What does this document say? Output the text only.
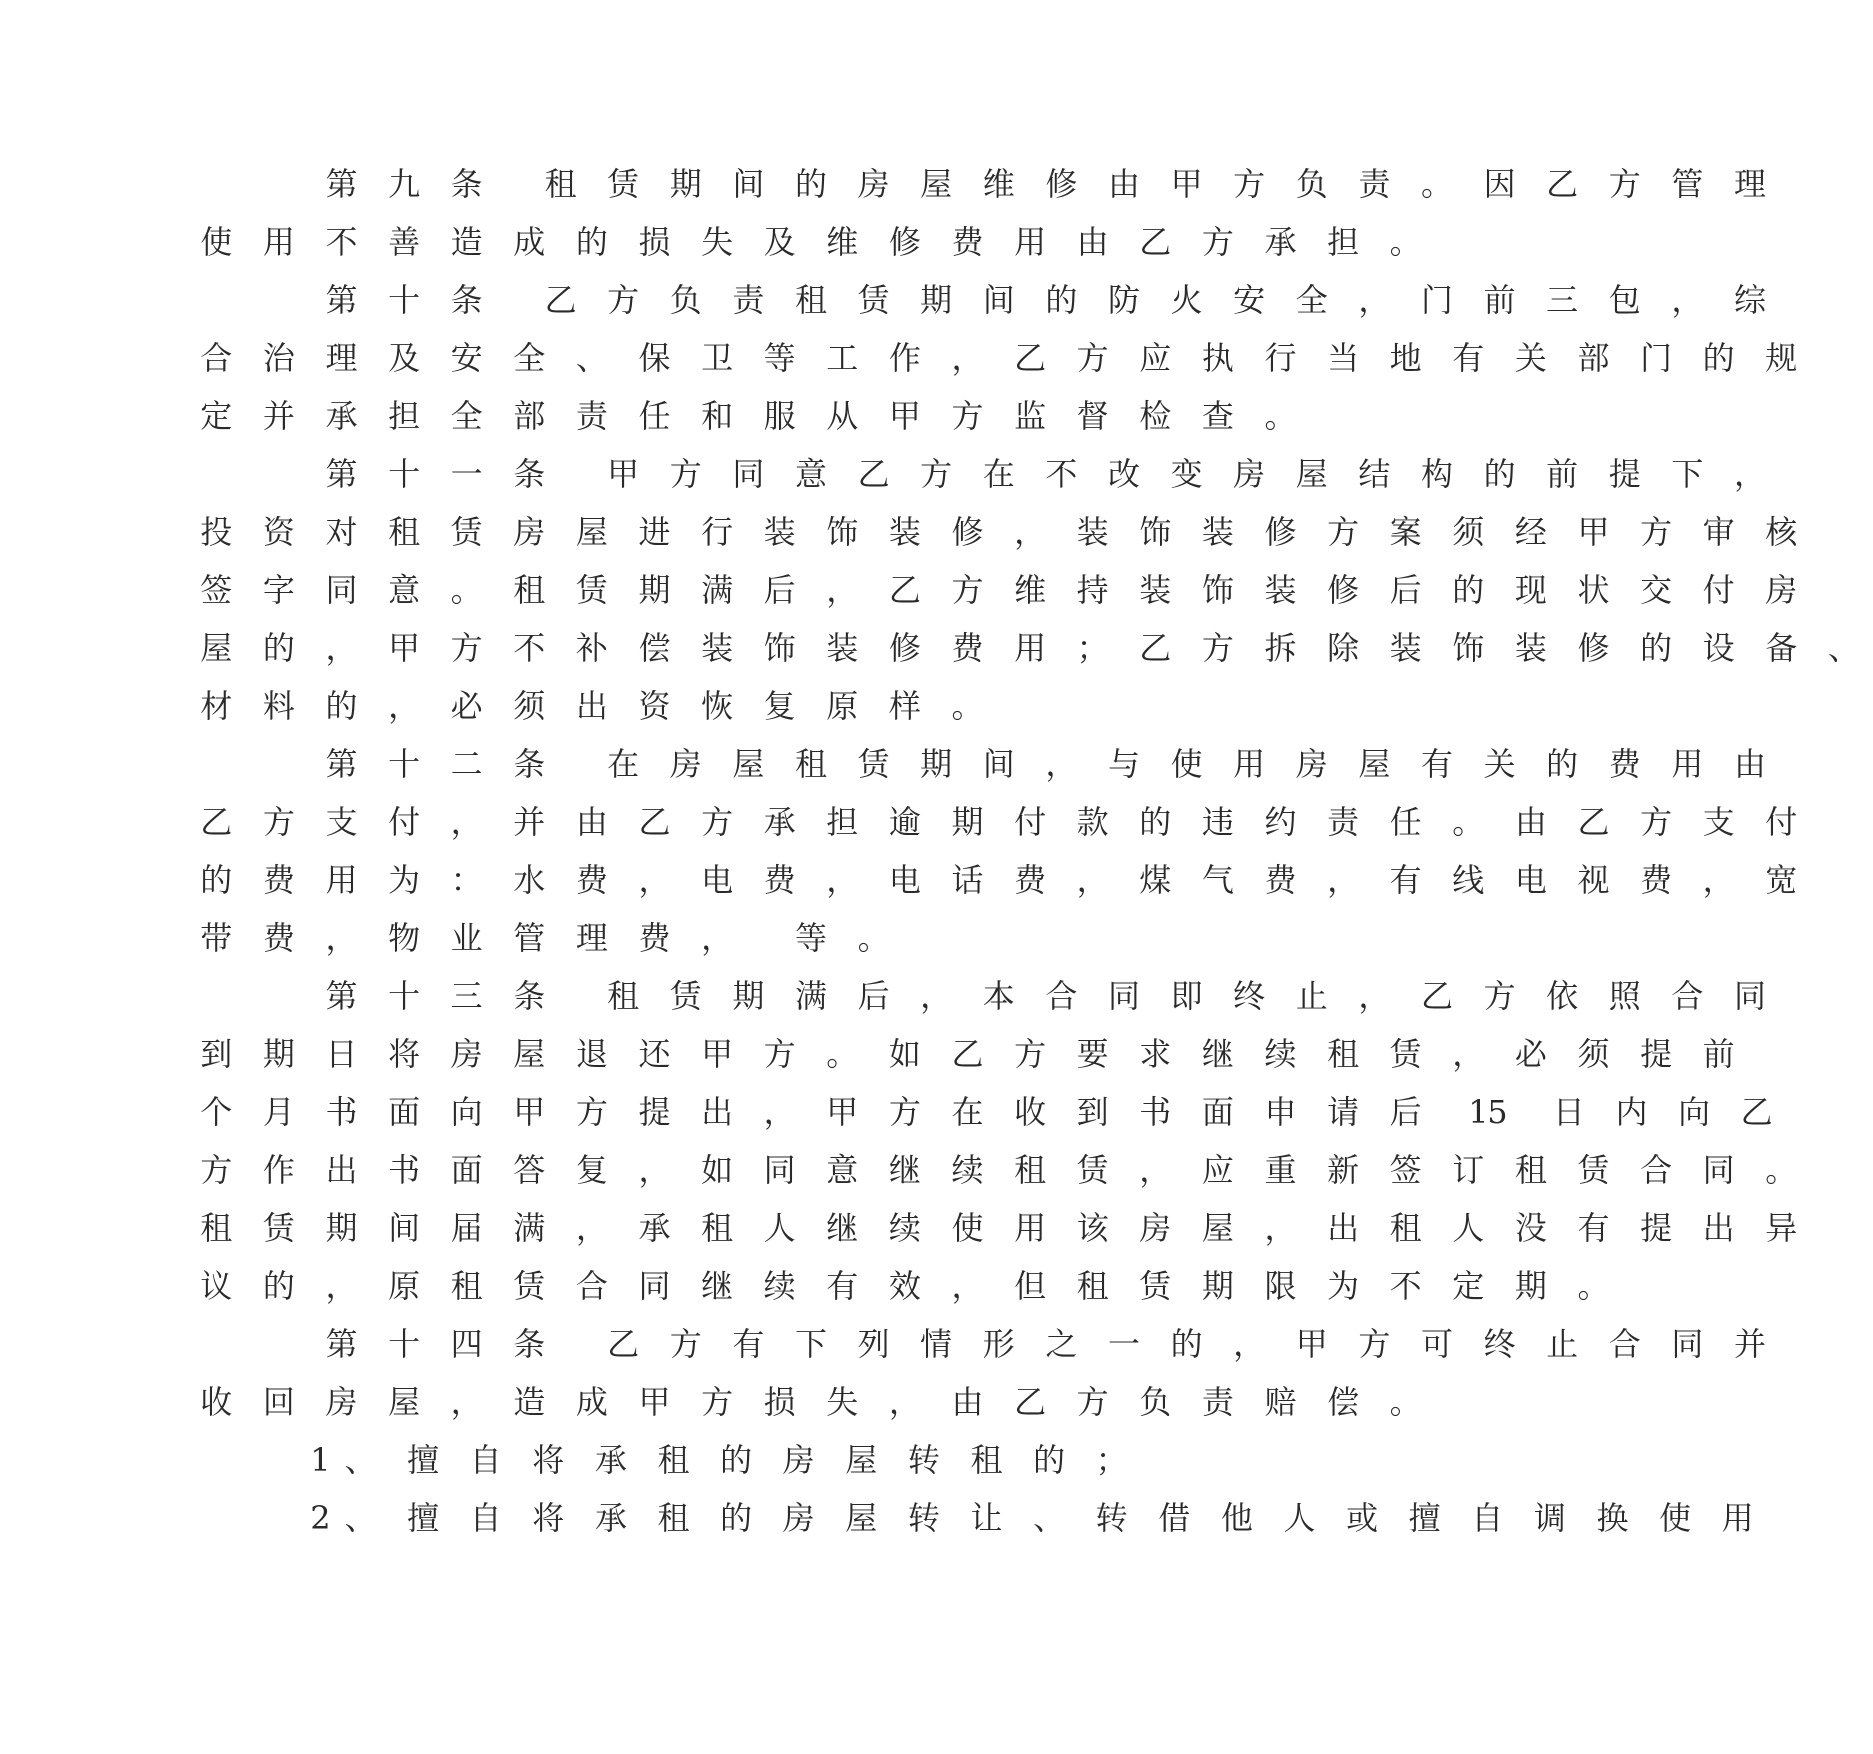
第 九 条	租 赁 期 间 的 房 屋 维 修 由 甲 方 负 责 。 因 乙 方 管 理
使 用 不 善 造 成 的 损 失 及 维 修 费 用 由 乙 方 承 担 。
第 十 条	乙 方 负 责 租 赁 期 间 的 防 火 安 全 ， 门 前 三 包 ， 综
合 治 理 及 安 全 、 保 卫 等 工 作 ， 乙 方 应 执 行 当 地 有 关 部 门 的 规
定 并 承 担 全 部 责 任 和 服 从 甲 方 监 督 检 查 。
第 十 一 条	甲 方 同 意 乙 方 在 不 改 变 房 屋 结 构 的 前 提 下 ，
投 资 对 租 赁 房 屋 进 行 装 饰 装 修 ， 装 饰 装 修 方 案 须 经 甲 方 审 核
签 字 同 意 。 租 赁 期 满 后 ， 乙 方 维 持 装 饰 装 修 后 的 现 状 交 付 房
屋 的 ， 甲 方 不 补 偿 装 饰 装 修 费 用 ； 乙 方 拆 除 装 饰 装 修 的 设 备 、
材 料 的 ， 必 须 出 资 恢 复 原 样 。
第 十 二 条	在 房 屋 租 赁 期 间 ， 与 使 用 房 屋 有 关 的 费 用 由
乙 方 支 付 ， 并 由 乙 方 承 担 逾 期 付 款 的 违 约 责 任 。 由 乙 方 支 付
的 费 用 为 ： 水 费 ， 电 费 ， 电 话 费 ， 煤 气 费 ， 有 线 电 视 费 ， 宽
带 费 ， 物 业 管 理 费 ，	等 。
第 十 三 条	租 赁 期 满 后 ， 本 合 同 即 终 止 ， 乙 方 依 照 合 同
到 期 日 将 房 屋 退 还 甲 方 。 如 乙 方 要 求 继 续 租 赁 ， 必 须 提 前
个 月 书 面 向 甲 方 提 出 ， 甲 方 在 收 到 书 面 申 请 后	1
5	日 内 向 乙
方 作 出 书 面 答 复 ， 如 同 意 继 续 租 赁 ， 应 重 新 签 订 租 赁 合 同 。
租 赁 期 间 届 满 ， 承 租 人 继 续 使 用 该 房 屋 ， 出 租 人 没 有 提 出 异
议 的 ， 原 租 赁 合 同 继 续 有 效 ， 但 租 赁 期 限 为 不 定 期 。
第 十 四 条	乙 方 有 下 列 情 形 之 一 的 ， 甲 方 可 终 止 合 同 并
收 回 房 屋 ， 造 成 甲 方 损 失 ， 由 乙 方 负 责 赔 偿 。
1 、 擅 自 将 承 租 的 房 屋 转 租 的 ；
2 、 擅 自 将 承 租 的 房 屋 转 让 、 转 借 他 人 或 擅 自 调 换 使 用
